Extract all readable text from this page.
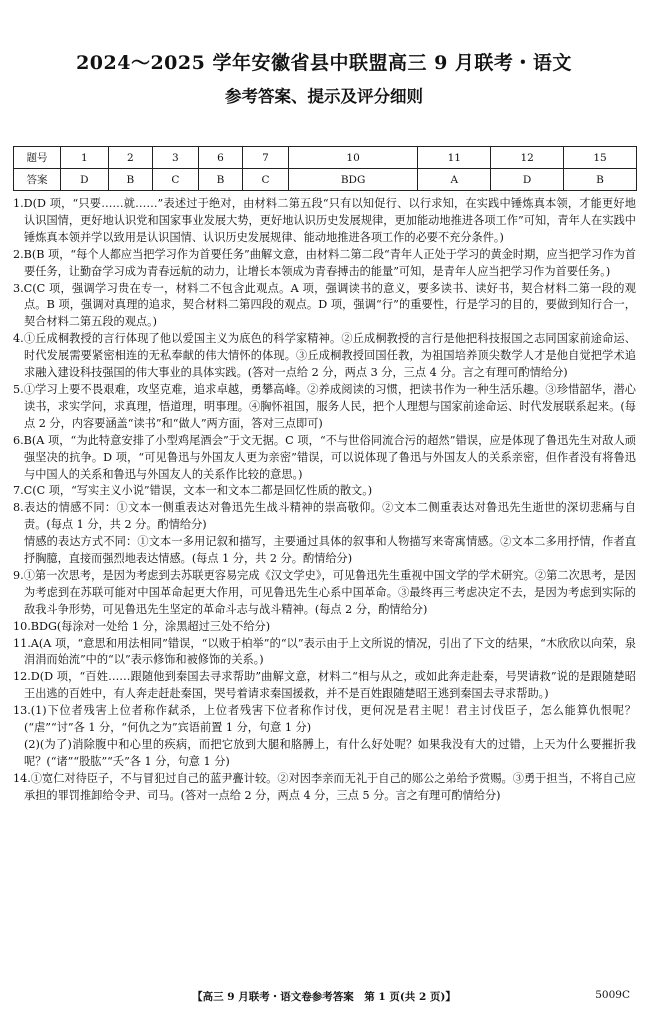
2024～2025 学年安徽省县中联盟高三 9 月联考・语文
参考答案、提示及评分细则
题号	1	2	3	6	7	10	11	12	15
答案	D	B	C	B	C	BDG	A	D	B

1.D(D 项，“只要……就……”表述过于绝对，由材料二第五段“只有以知促行、以行求知，在实践中锤炼真本领，才能更好地认识国情，更好地认识党和国家事业发展大势，更好地认识历史发展规律，更加能动地推进各项工作”可知，青年人在实践中锤炼真本领并学以致用是认识国情、认识历史发展规律、能动地推进各项工作的必要不充分条件。)

2.B(B 项，“每个人都应当把学习作为首要任务”曲解文意，由材料二第二段“青年人正处于学习的黄金时期，应当把学习作为首要任务，让勤奋学习成为青春远航的动力，让增长本领成为青春搏击的能量”可知，是青年人应当把学习作为首要任务。)

3.C(C 项，强调学习贵在专一，材料二不包含此观点。A 项，强调读书的意义，要多读书、读好书，契合材料二第一段的观点。B 项，强调对真理的追求，契合材料二第四段的观点。D 项，强调“行”的重要性，行是学习的目的，要做到知行合一，契合材料二第五段的观点。)

4.①丘成桐教授的言行体现了他以爱国主义为底色的科学家精神。②丘成桐教授的言行是他把科技报国之志同国家前途命运、时代发展需要紧密相连的无私奉献的伟大情怀的体现。③丘成桐教授回国任教，为祖国培养顶尖数学人才是他自觉把学术追求融入建设科技强国的伟大事业的具体实践。(答对一点给 2 分，两点 3 分，三点 4 分。言之有理可酌情给分)

5.①学习上要不畏艰难，攻坚克难，追求卓越，勇攀高峰。②养成阅读的习惯，把读书作为一种生活乐趣。③珍惜韶华，潜心读书，求实学问，求真理，悟道理，明事理。④胸怀祖国，服务人民，把个人理想与国家前途命运、时代发展联系起来。(每点 2 分，内容要涵盖“读书”和“做人”两方面，答对三点即可)

6.B(A 项，“为此特意安排了小型鸡尾酒会”于文无据。C 项，“不与世俗同流合污的超然”错误，应是体现了鲁迅先生对敌人顽强坚决的抗争。D 项，“可见鲁迅与外国友人更为亲密”错误，可以说体现了鲁迅与外国友人的关系亲密，但作者没有将鲁迅与中国人的关系和鲁迅与外国友人的关系作比较的意思。)

7.C(C 项，“写实主义小说”错误，文本一和文本二都是回忆性质的散文。)

8.表达的情感不同：①文本一侧重表达对鲁迅先生战斗精神的崇高敬仰。②文本二侧重表达对鲁迅先生逝世的深切悲痛与自责。(每点 1 分，共 2 分。酌情给分)

情感的表达方式不同：①文本一多用记叙和描写，主要通过具体的叙事和人物描写来寄寓情感。②文本二多用抒情，作者直抒胸臆，直接而强烈地表达情感。(每点 1 分，共 2 分。酌情给分)

9.①第一次思考，是因为考虑到去苏联更容易完成《汉文学史》，可见鲁迅先生重视中国文学的学术研究。②第二次思考，是因为考虑到在苏联可能对中国革命起更大作用，可见鲁迅先生心系中国革命。③最终再三考虑决定不去，是因为考虑到实际的敌我斗争形势，可见鲁迅先生坚定的革命斗志与战斗精神。(每点 2 分，酌情给分)

10.BDG(每涂对一处给 1 分，涂黑超过三处不给分)

11.A(A 项，“意思和用法相同”错误，“以败于柏举”的“以”表示由于上文所说的情况，引出了下文的结果，“木欣欣以向荣，泉涓涓而始流”中的“以”表示修饰和被修饰的关系。)

12.D(D 项，“百姓……跟随他到秦国去寻求帮助”曲解文意，材料二“相与从之，或如此奔走赴秦，号哭请救”说的是跟随楚昭王出逃的百姓中，有人奔走赶赴秦国，哭号着请求秦国援救，并不是百姓跟随楚昭王逃到秦国去寻求帮助。)

13.(1)下位者残害上位者称作弑杀，上位者残害下位者称作讨伐，更何况是君主呢！君主讨伐臣子，怎么能算仇恨呢？(“虐”“讨”各 1 分，“何仇之为”宾语前置 1 分，句意 1 分)

(2)(为了)消除腹中和心里的疾病，而把它放到大腿和胳膊上，有什么好处呢？如果我没有大的过错，上天为什么要摧折我呢？(“诸”“股肱”“夭”各 1 分，句意 1 分)

14.①宽仁对待臣子，不与冒犯过自己的蓝尹亹计较。②对因李亲而无礼于自己的郧公之弟给予赏赐。③勇于担当，不将自己应承担的罪罚推卸给令尹、司马。(答对一点给 2 分，两点 4 分，三点 5 分。言之有理可酌情给分)

【高三 9 月联考・语文卷参考答案　第 1 页(共 2 页)】	5009C
